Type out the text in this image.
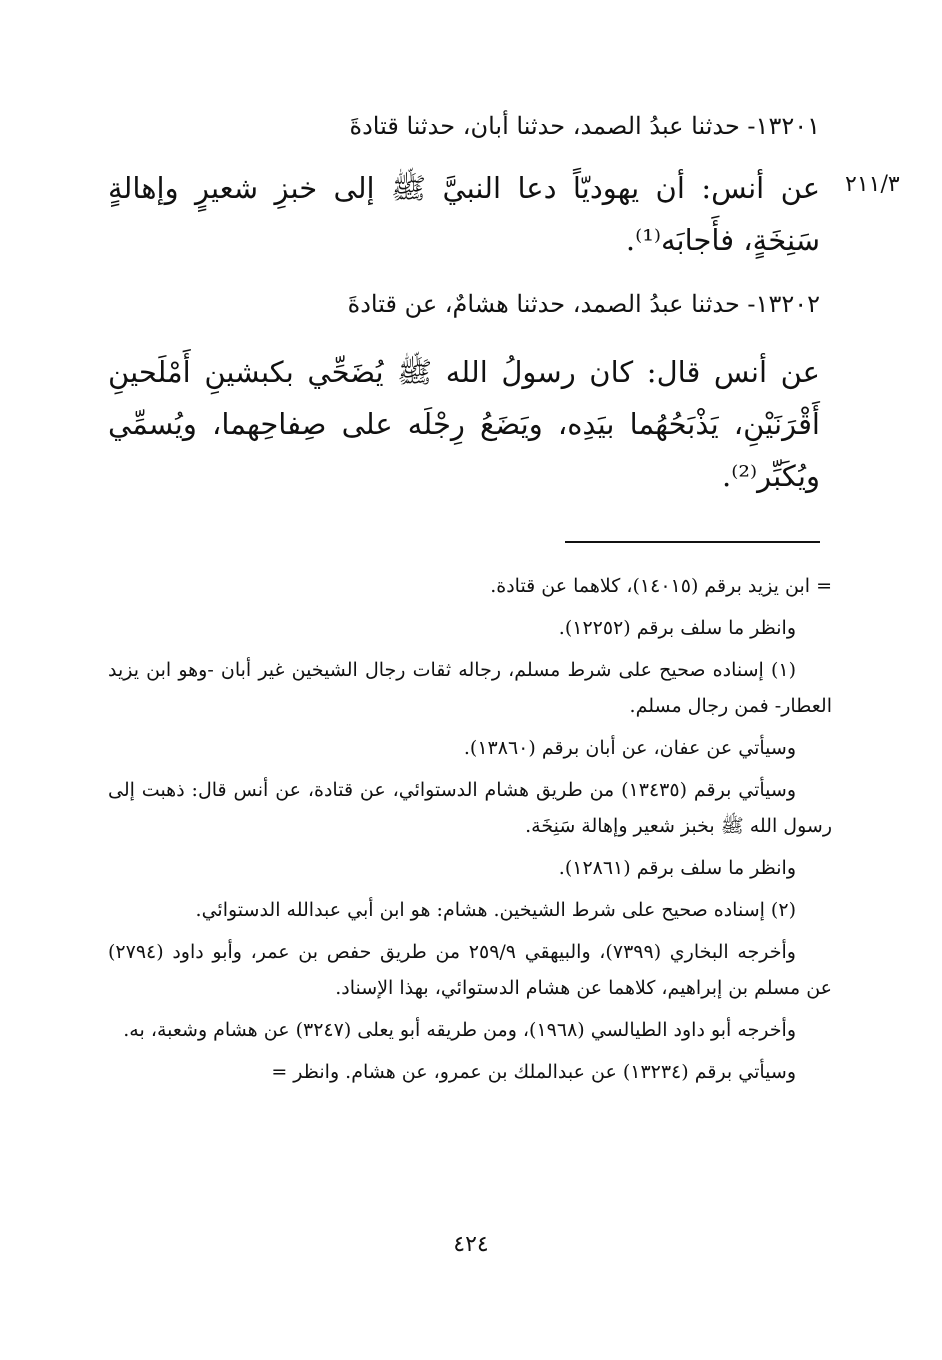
٢١١/٣
١٣٢٠١- حدثنا عبدُ الصمد، حدثنا أبان، حدثنا قتادةَ
عن أنس: أن يهوديّاً دعا النبيَّ ﷺ إلى خبزِ شعيرٍ وإهالةٍ سَنِخَةٍ، فأَجابَه⁽¹⁾.
١٣٢٠٢- حدثنا عبدُ الصمد، حدثنا هشامٌ، عن قتادةَ
عن أنس قال: كان رسولُ الله ﷺ يُضَحِّي بكبشينِ أَمْلَحينِ أَقْرَنَيْنِ، يَذْبَحُهُما بيَدِه، ويَضَعُ رِجْلَه على صِفاحِهما، ويُسمِّي ويُكَبِّر⁽²⁾.

= ابن يزيد برقم (١٤٠١٥)، كلاهما عن قتادة.

وانظر ما سلف برقم (١٢٢٥٢).

(١) إسناده صحيح على شرط مسلم، رجاله ثقات رجال الشيخين غير أبان -وهو ابن يزيد العطار- فمن رجال مسلم.

وسيأتي عن عفان، عن أبان برقم (١٣٨٦٠).

وسيأتي برقم (١٣٤٣٥) من طريق هشام الدستوائي، عن قتادة، عن أنس قال: ذهبت إلى رسول الله ﷺ بخبز شعير وإهالة سَنِخَة.

وانظر ما سلف برقم (١٢٨٦١).

(٢) إسناده صحيح على شرط الشيخين. هشام: هو ابن أبي عبدالله الدستوائي.

وأخرجه البخاري (٧٣٩٩)، والبيهقي ٢٥٩/٩ من طريق حفص بن عمر، وأبو داود (٢٧٩٤) عن مسلم بن إبراهيم، كلاهما عن هشام الدستوائي، بهذا الإسناد.

وأخرجه أبو داود الطيالسي (١٩٦٨)، ومن طريقه أبو يعلى (٣٢٤٧) عن هشام وشعبة، به.

وسيأتي برقم (١٣٢٣٤) عن عبدالملك بن عمرو، عن هشام. وانظر =

٤٢٤
